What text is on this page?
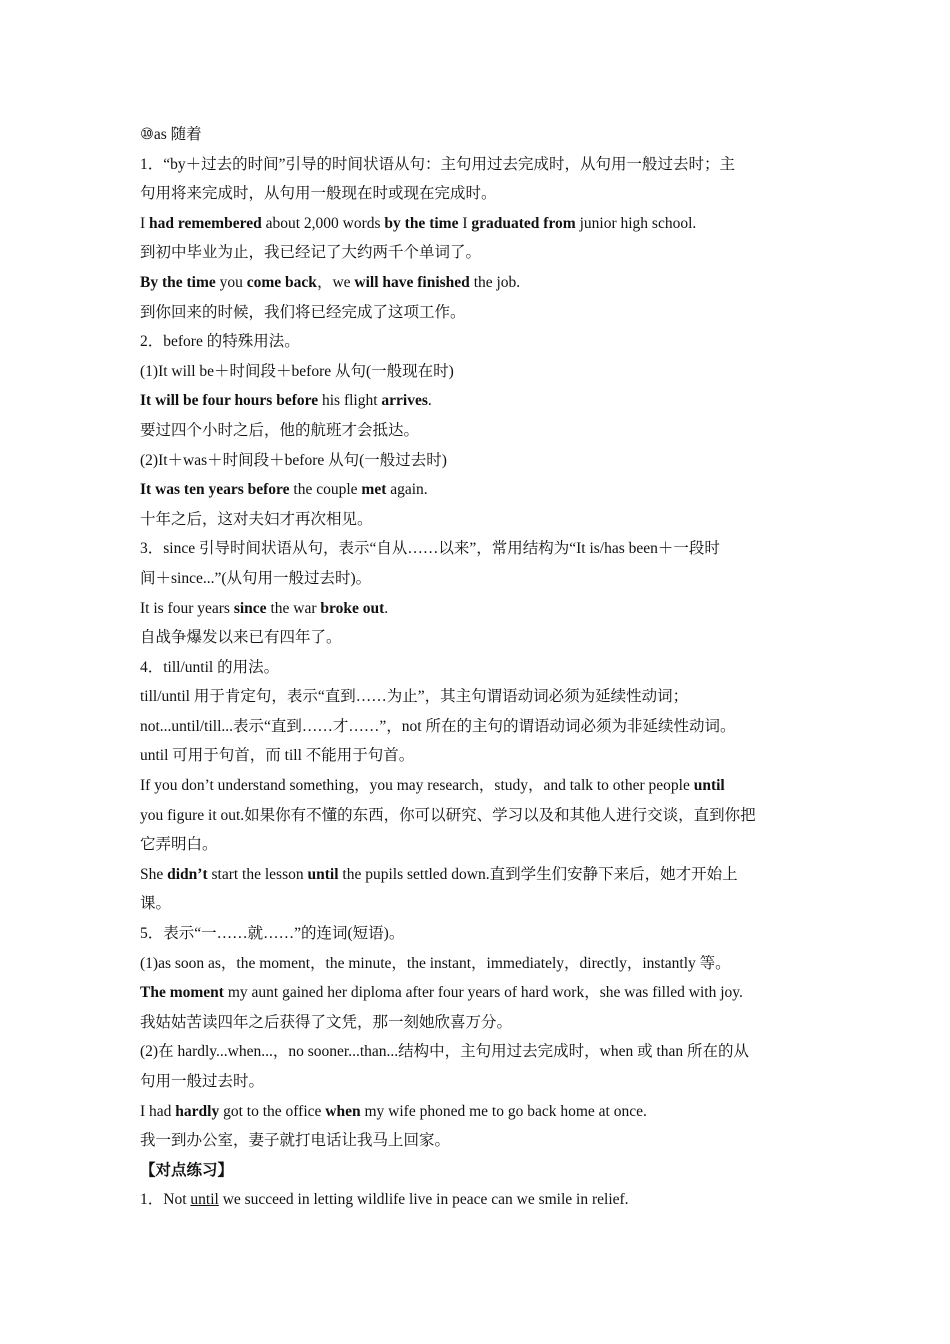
⑩as 随着
1．“by＋过去的时间”引导的时间状语从句：主句用过去完成时，从句用一般过去时；主
句用将来完成时，从句用一般现在时或现在完成时。
I had remembered about 2,000 words by the time I graduated from junior high school.
到初中毕业为止，我已经记了大约两千个单词了。
By the time you come back，we will have finished the job.
到你回来的时候，我们将已经完成了这项工作。
2．before 的特殊用法。
(1)It will be＋时间段＋before 从句(一般现在时)
It will be four hours before his flight arrives.
要过四个小时之后，他的航班才会抵达。
(2)It＋was＋时间段＋before 从句(一般过去时)
It was ten years before the couple met again.
十年之后，这对夫妇才再次相见。
3．since 引导时间状语从句，表示“自从……以来”，常用结构为“It is/has been＋一段时
间＋since...”(从句用一般过去时)。
It is four years since the war broke out.
自战争爆发以来已有四年了。
4．till/until 的用法。
till/until 用于肯定句，表示“直到……为止”，其主句谓语动词必须为延续性动词；
not...until/till...表示“直到……才……”，not 所在的主句的谓语动词必须为非延续性动词。
until 可用于句首，而 till 不能用于句首。
If you don’t understand something，you may research，study，and talk to other people until
you figure it out.如果你有不懂的东西，你可以研究、学习以及和其他人进行交谈，直到你把
它弄明白。
She didn’t start the lesson until the pupils settled down.直到学生们安静下来后，她才开始上
课。
5．表示“一……就……”的连词(短语)。
(1)as soon as，the moment，the minute，the instant，immediately，directly，instantly 等。
The moment my aunt gained her diploma after four years of hard work，she was filled with joy.
我姑姑苦读四年之后获得了文凭，那一刻她欣喜万分。
(2)在 hardly...when...，no sooner...than...结构中，主句用过去完成时，when 或 than 所在的从
句用一般过去时。
I had hardly got to the office when my wife phoned me to go back home at once.
我一到办公室，妻子就打电话让我马上回家。
【对点练习】
1．Not until we succeed in letting wildlife live in peace can we smile in relief.
